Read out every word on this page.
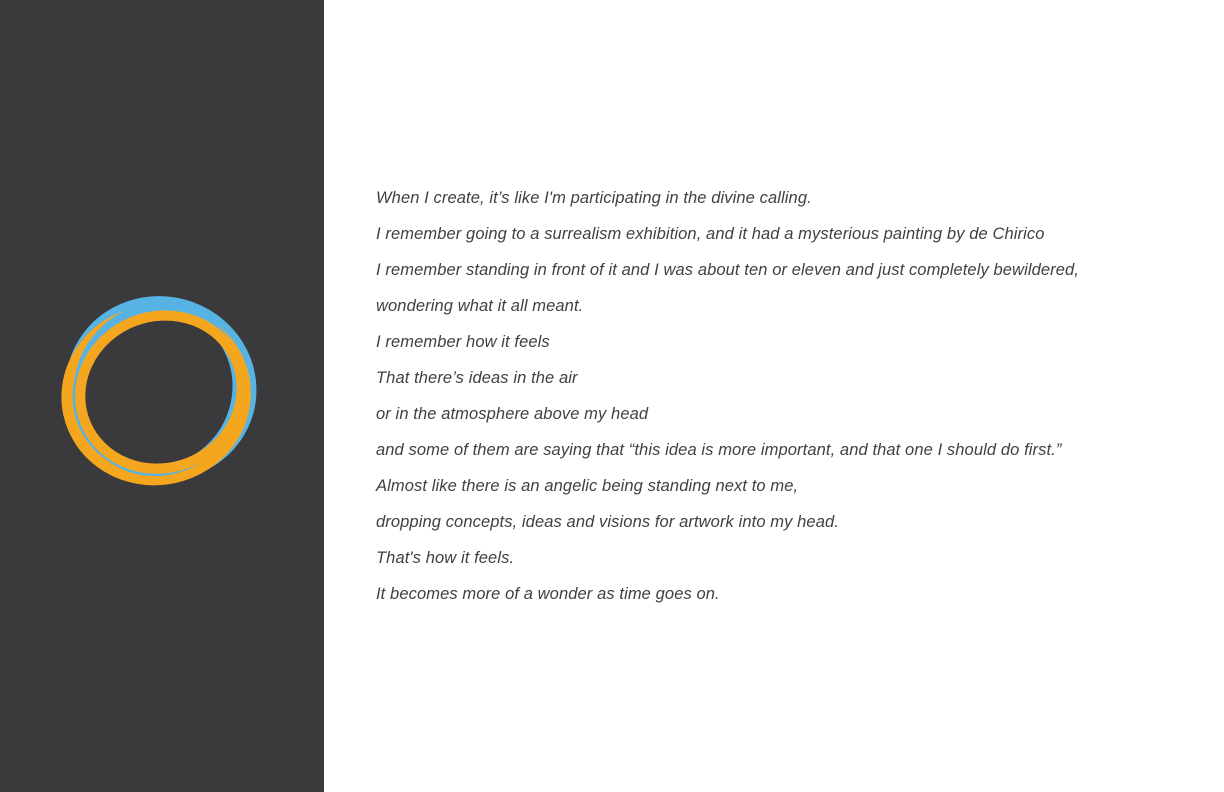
When I create, it’s like I'm participating in the divine calling.

I remember going to a surrealism exhibition, and it had a mysterious painting by de Chirico

I remember standing in front of it and I was about ten or eleven and just completely bewildered,

wondering what it all meant.

I remember how it feels

That there’s ideas in the air

or in the atmosphere above my head

and some of them are saying that “this idea is more important, and that one I should do first.”

Almost like there is an angelic being standing next to me,

dropping concepts, ideas and visions for artwork into my head.

That's how it feels.

It becomes more of a wonder as time goes on.
